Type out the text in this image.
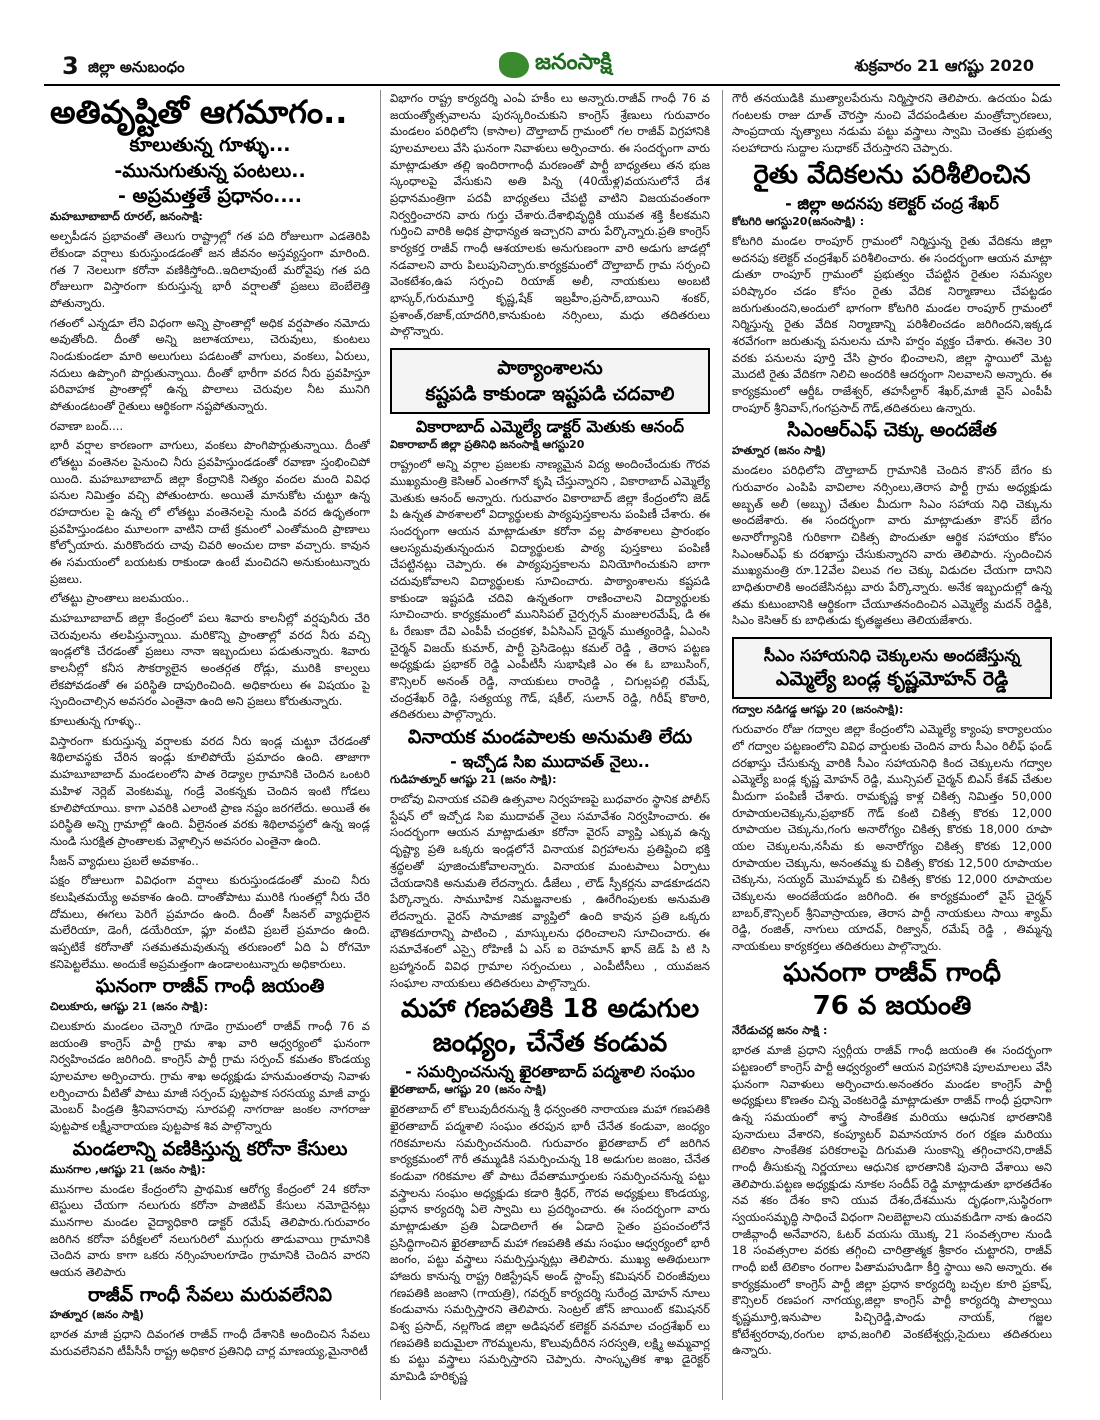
3 జిల్లా అనుబంధం	జనంసాక్షి	శుక్రవారం 21 ఆగష్టు 2020
అతివృష్టితో ఆగమాగం..
కూలుతున్న గూళ్ళు...
-మునుగుతున్న పంటలు..
- అప్రమత్తతే ప్రధానం....
మహబూబాబాద్ రూరల్, జనంసాక్షి:

అల్పపీడన ప్రభావంతో తెలుగు రాష్ట్రాల్లో గత పది రోజులుగా ఎడతెరిపి లేకుండా వర్షాలు కురుస్తుండడంతో జన జీవనం అస్తవ్యస్తంగా మారింది. గత 7 నెలలుగా కరోనా వణికిస్తోంది..ఇదిలావుంటే మరోవైపు గత పది రోజులుగా విస్తారంగా కురుస్తున్న భారీ వర్షాలతో ప్రజలు బెంబేలెత్తి పోతున్నారు.

గతంలో ఎన్నడూ లేని విధంగా అన్ని ప్రాంతాల్లో అధిక వర్షపాతం నమోదు అవుతోంది. దీంతో అన్ని జలాశయాలు, చెరువులు, కుంటలు నిండుకుండలా మారి అలుగులు పడటంతో వాగులు, వంకలు, ఏరులు, నదులు ఉప్పొంగి పొర్లుతున్నాయి. దీంతో భారీగా వరద నీరు ప్రవహిస్తూ పరివాహక ప్రాంతాల్లో ఉన్న పొలాలు చెరువుల నీట మునిగి పోతుండటంతో రైతులు ఆర్థికంగా నష్టపోతున్నారు.

రవాణా బంద్....

భారీ వర్షాల కారణంగా వాగులు, వంకలు పొంగిపొర్లుతున్నాయి. దీంతో లోతట్టు వంతెనల పైనుంచి నీరు ప్రవహిస్తుండడంతో రవాణా స్తంభించిపో యింది. మహబూబాబాద్ జిల్లా కేంద్రానికి నిత్యం వందల మంది వివిధ పనుల నిమిత్తం వచ్చి పోతుంటారు. అయితే మానుకోట చుట్టూ ఉన్న రహదారుల పై ఉన్న లో లోతట్టు వంతెనలపై నుండి వరద ఉధృతంగా ప్రవహిస్తుండటం మూలంగా వాటిని దాటే క్రమంలో ఎంతోమంది ప్రాణాలు కోల్పోయారు. మరికొందరు చావు చివరి అంచుల దాకా వచ్చారు. కావున ఈ సమయంలో బయటకు రాకుండా ఉంటే మంచిదని అనుకుంటున్నారు ప్రజలు.

లోతట్టు ప్రాంతాలు జలమయం..

మహబూబాబాద్ జిల్లా కేంద్రంలో పలు శివారు కాలనీల్లో వర్షపునీరు చేరి చెరువులను తలపిస్తున్నాయి. మరికొన్ని ప్రాంతాల్లో వరద నీరు వచ్చి ఇండ్లలోకి చేరడంతో ప్రజలు నానా ఇబ్బందులు పడుతున్నారు. శివారు కాలనీల్లో కనీస సౌకర్యాలైన అంతర్గత రోడ్లు, మురికి కాల్వలు లేకపోవడంతో ఈ పరిస్థితి దాపురించింది. అధికారులు ఈ విషయం పై స్పందించాల్సిన అవసరం ఎంతైనా ఉంది అని ప్రజలు కోరుతున్నారు.

కూలుతున్న గూళ్ళు..

విస్తారంగా కురుస్తున్న వర్షాలకు వరద నీరు ఇండ్ల చుట్టూ చేరడంతో శిథిలావస్థకు చేరిన ఇండ్లు కూలిపోయే ప్రమాదం ఉంది. తాజాగా మహబూబాబాద్ మండలంలోని పాత రెడ్యాల గ్రామానికి చెందిన ఒంటరి మహిళ నెర్లెబ్ వెంకటమ్మ, గండ్రే వెంకన్నకు చెందిన ఇంటి గోడలు కూలిపోయాయి. కాగా ఎవరికి ఎలాంటి ప్రాణ నష్టం జరగలేదు. అయితే ఈ పరిస్థితి అన్ని గ్రామాల్లో ఉంది. వీలైనంత వరకు శిథిలావస్థలో ఉన్న ఇండ్ల నుండి సురక్షిత ప్రాంతాలకు వెళ్లాల్సిన అవసరం ఎంతైనా ఉంది.

సీజన్ వ్యాధులు ప్రబలే అవకాశం..

పక్షం రోజులుగా వివిధంగా వర్షాలు కురుస్తుండడంతో మంచి నీరు కలుషితమయ్యే అవకాశం ఉంది. దాంతోపాటు మురికి గుంతల్లో నీరు చేరి దోమలు, ఈగలు పెరిగే ప్రమాదం ఉంది. దీంతో సీజనల్ వ్యాధులైన మలేరియా, డెంగీ, డయేరియా, ఫ్లూ వంటివి ప్రబలే ప్రమాదం ఉంది. ఇప్పటికే కరోనాతో సతమతమవుతున్న తరుణంలో ఏది ఏ రోగమో కనిపెట్టలేము. అందుకే అప్రమత్తంగా ఉండాలంటున్నారు అధికారులు.

ఘనంగా రాజీవ్ గాంధీ జయంతి
చిలుకూరు, ఆగష్టు 21 (జనం సాక్షి):

చిలుకూరు మండలం చెన్నారి గూడెం గ్రామంలో రాజీవ్ గాంధీ 76 వ జయంతి కాంగ్రెస్ పార్టీ గ్రామ శాఖ వారి ఆధ్వర్యంలో ఘనంగా నిర్వహించడం జరిగింది. కాంగ్రెస్ పార్టీ గ్రామ సర్పంచ్ కమతం కొండయ్య పూలమాల అర్పించారు. గ్రామ శాఖ అధ్యక్షుడు హనుమంతరావు నివాళు లర్పించారు వీటితో పాటు మాజీ సర్పంచ్ పుట్టపాక సరసయ్య మాజీ వార్డు మెంబర్ పిండ్రతి శ్రీనివాసరావు సూరపల్లి నాగరాజు జంకల నాగరాజు పుట్టపాక లక్ష్మీనారాయణ పుట్టపాక శివ పాల్గొన్నారు

మండలాన్ని వణికిస్తున్న కరోనా కేసులు
మునగాల ,ఆగష్టు 21 (జనం సాక్షి):

మునగాల మండల కేంద్రంలోని ప్రాథమిక ఆరోగ్య కేంద్రంలో 24 కరోనా టెస్టులు చేయగా నలుగురు కరోనా పాజిటివ్ కేసులు నమోదైనట్లు మునగాల మండల వైద్యాధికారి డాక్టర్ రమేష్ తెలిపారు.గురువారం జరిగిన కరోనా పరీక్షలలో నలుగురిలో ముగ్గురు తాడువాయి గ్రామానికి చెందిన వారు కాగా ఒకరు నర్సింహులగూడెం గ్రామానికి చెందిన వారని ఆయన తెలిపారు

రాజీవ్ గాంధీ సేవలు మరువలేనివి
హత్నూర (జనం సాక్షి)

భారత మాజీ ప్రధాని దివంగత రాజీవ్ గాంధీ దేశానికి అందించిన సేవలు మరువలేనివని టీపీసీసీ రాష్ట్ర అధికార ప్రతినిధి చార్ల మాణయ్య,మైనారిటీ

విభాగం రాష్ట్ర కార్యదర్శి ఎంఏ హకీం లు అన్నారు.రాజీవ్ గాంధీ 76 వ జయంత్యోత్సవాలను పురస్కరించుకుని కాంగ్రెస్ శ్రేణులు గురువారం మండలం పరిధిలోని (కాసాల) దౌల్తాబాద్ గ్రామంలో గల రాజీవ్ విగ్రహానికి పూలమాలలు వేసి ఘనంగా నివాళులు అర్పించారు. ఈ సందర్భంగా వారు మాట్లాడుతూ తల్లి ఇందిరాగాంధీ మరణంతో పార్టీ బాధ్యతలు తన భుజ స్కంధాలపై వేసుకుని అతి పిన్న (40యేళ్ల)వయసులోనే దేశ ప్రధానమంత్రిగా పదవీ బాధ్యతలు చేపట్టి వాటిని విజయవంతంగా నిర్వర్తించారని వారు గుర్తు చేశారు.దేశాభివృద్ధికి యువత శక్తి కీలకమని గుర్తించి వారికి అధిక ప్రాధాన్యత ఇచ్చారని వారు పేర్కొన్నారు.ప్రతి కాంగ్రెస్ కార్యకర్త రాజీవ్ గాంధీ ఆశయాలకు అనుగుణంగా వారి అడుగు జాడల్లో నడవాలని వారు పిలుపునిచ్చారు.కార్యక్రమంలో దౌల్తాబాద్ గ్రామ సర్పంచి వెంకటేశం,ఉప సర్పంచి రియాజ్ అలీ, నాయకులు అంబటి భాస్కర్,గురుమూర్తి కృష్ణ,షేక్ ఇబ్రహీం,ప్రసాద్,బాయిని శంకర్, ప్రశాంత్,రజాక్,యాదగిరి,కానుకుంట నర్సింలు, మధు తదితరులు పాల్గొన్నారు.

పాఠ్యాంశాలను
కష్టపడి కాకుండా ఇష్టపడి చదవాలి
వికారాబాద్ ఎమ్మెల్యే డాక్టర్ మెతుకు ఆనంద్
వికారాబాద్ జిల్లా ప్రతినిధి జనంసాక్షి ఆగస్టు20

రాష్ట్రంలో అన్ని వర్గాల ప్రజలకు నాణ్యమైన విద్య అందించేందుకు గౌరవ ముఖ్యమంత్రి కెసిఆర్ ఎంతగానో కృషి చేస్తున్నారని , వికారాబాద్ ఎమ్మెల్యే మెతుకు ఆనంద్ అన్నారు. గురువారం వికారాబాద్ జిల్లా కేంద్రంలోని జెడ్ పి ఉన్నత పాఠశాలలో విద్యార్థులకు పాఠ్యపుస్తకాలను పంపిణీ చేశారు. ఈ సందర్భంగా ఆయన మాట్లాడుతూ కరోనా వల్ల పాఠశాలలు ప్రారంభం ఆలస్యమవుతున్నందున విద్యార్థులకు పాఠ్య పుస్తకాలు పంపిణీ చేపట్టినట్లు చెప్పారు. ఈ పాఠ్యపుస్తకాలను వినియోగించుకుని బాగా చదువుకోవాలని విద్యార్థులకు సూచించారు. పాఠ్యాంశాలను కష్టపడి కాకుండా ఇష్టపడి చదివి ఉన్నతంగా రాణించాలని విద్యార్థులకు సూచించారు. కార్యక్రమంలో మునిసిపల్ చైర్పర్సన్ మంజులరమేష్, డి ఈ ఓ రేణుకా దేవి ఎంపీపీ చంద్రకళ, పిఏసిఎస్ చైర్మన్ ముత్యంరెడ్డి, ఏఎంసి చైర్మన్ విజయ్ కుమార్, పార్టీ ప్రెసిడెంట్లు కమల్ రెడ్డి , తెరాస పట్టణ అధ్యక్షుడు ప్రభాకర్ రెడ్డి ఎంపీటీసీ సుభాషిణి ఎం ఈ ఓ బాబుసింగ్, కౌన్సిలర్ అనంత్ రెడ్డి, నాయకులు రాంరెడ్డి , చిగుల్లపల్లి రమేష్, చంద్రశేఖర్ రెడ్డి, సత్యయ్య గౌడ్, షకీల్, సులాన్ రెడ్డి, గిరీష్ కొఠారి, తదితరులు పాల్గొన్నారు.

వినాయక మండపాలకు అనుమతి లేదు
- ఇచ్చోడ సిఐ ముదావత్ నైలు..
గుడిహత్నూర్ ఆగష్టు 21 (జనం సాక్షి):

రాబోవు వినాయక చవితి ఉత్సవాల నిర్వహణపై బుధవారం స్థానిక పోలీస్ స్టేషన్ లో ఇచ్చోడ సిఐ ముదావత్ నైలు సమావేశం నిర్వహించారు. ఈ సందర్భంగా ఆయన మాట్లాడుతూ కరోనా వైరస్ వ్యాప్తి ఎక్కువ ఉన్న దృష్ట్యా ప్రతి ఒక్కరు ఇండ్లలోనే వినాయక విగ్రహాలను ప్రతిష్టించి భక్తి శ్రద్ధలతో పూజించుకోవాలన్నారు. వినాయక మంటపాలు ఏర్పాటు చేయడానికి అనుమతి లేదన్నారు. డీజేలు , లౌడ్ స్పీకర్లను వాడకూడదని పేర్కొన్నారు. సామూహిక నిమజ్జనాలకు , ఊరేగింపులకు అనుమతి లేదన్నారు. వైరస్ సామాజిక వ్యాప్తిలో ఉంది కావున ప్రతి ఒక్కరు భౌతికదూరాన్ని పాటించి , మాస్కులను ధరించాలని సూచించారు. ఈ సమావేశంలో ఎస్సై రోహిణీ ఏ ఎస్ ఐ రెహమాన్ ఖాన్ జెడ్ పి టి సి బ్రహ్మానంద్ వివిధ గ్రామాల సర్పంచులు , ఎంపీటీసీలు , యువజన సంఘాల నాయకులు తదితరులు పాల్గొన్నారు.

మహా గణపతికి 18 అడుగుల
జంధ్యం, చేనేత కండువ
- సమర్పించనున్న ఖైరతాబాద్ పద్మశాలి సంఘం
ఖైరతాబాద్, ఆగష్టు 20 (జనం సాక్షి)

ఖైరతాబాద్ లో కొలువుదీరనున్న శ్రీ ధన్వంతరి నారాయణ మహా గణపతికి ఖైరతాబాద్ పద్మశాలి సంఘం తరపున భారీ చేనేత కండువా, జంధ్యం గరికమాలను సమర్పించనుంది. గురువారం ఖైరతాబాద్ లో జరిగిన కార్యక్రమంలో గౌరీ తమ్ముడికి సమర్పించున్న 18 అడుగుల జంజం, చేనేత కండువా గరికమాల తో పాటు దేవతామూర్తులకు సమర్పించనున్న పట్టు వస్త్రాలను సంఘం అధ్యక్షుడు కడారి శ్రీధర్, గౌరవ అధ్యక్షులు కొండయ్య, ప్రధాన కార్యదర్శి ఏలె స్వామి లు ప్రదర్శించారు. ఈ సందర్భంగా వారు మాట్లాడుతూ ప్రతి ఏడాదిలాగే ఈ ఏడాది సైతం ప్రపంచంలోనే ప్రసిద్ధిగాంచిన ఖైరతాబాద్ మహా గణపతికి తమ సంఘం ఆధ్వర్యంలో భారీ జంగం, పట్టు వస్త్రాలు సమర్పిస్తున్నట్లు తెలిపారు. ముఖ్య అతిథులుగా హాజరు కానున్న రాష్ట్ర రిజిస్ట్రేషన్ అండ్ స్టాంప్స్ కమిషనర్ చిరంజీవులు గణపతికి జంజాని (గాయత్రి), గవర్నర్ కార్యదర్శి సురేంద్ర మోహన్ నూలు కండువాను సమర్పిస్తారని తెలిపారు. సెంట్రల్ జోన్ జాయింట్ కమిషనర్ విశ్వ ప్రసాద్, నల్లగొండ జిల్లా అడిషనల్ కలెక్టర్ వనమాల చంద్రశేఖర్ లు గణపతికి ఐదుమైలా గౌరమ్మలను, కొలువుదీరిన సరస్వతి, లక్ష్మి అమ్మవార్ల కు పట్టు వస్త్రాలు సమర్పిస్తారని చెప్పారు. సాంస్కృతిక శాఖ డైరెక్టర్ మామిడి హరికృష్ణ

గౌరీ తనయుడికి ముత్యాలపేరును నిర్మిస్తారని తెలిపారు. ఉదయం ఏడు గంటలకు రాజు దూత్ చౌరస్తా నుంచి వేదపండితుల మంత్రోచ్ఛారణలు, సాంప్రదాయ నృత్యాలు నడుమ పట్టు వస్త్రాలు స్వామి చెంతకు ప్రభుత్వ సలహాదారు సుద్దాల సుధాకర్ చేరుస్తారని చెప్పారు.

రైతు వేదికలను పరిశీలించిన
- జిల్లా అదనపు కలెక్టర్ చంద్ర శేఖర్
కోటగిరి ఆగస్టు20(జనంసాక్షి) :

కోటగిరి మండల రాంపూర్ గ్రామంలో నిర్మిస్తున్న రైతు వేదికను జిల్లా అదనపు కలెక్టర్ చంద్రశేఖర్ పరిశీలించారు. ఈ సందర్భంగా ఆయన మాట్లా డుతూ రాంపూర్ గ్రామంలో ప్రభుత్వం చేపట్టిన రైతుల సమస్యల పరిష్కారం చడం కోసం రైతు వేదిక నిర్మాణాలు చేపట్టడం జరుగుతుందని,అందులో భాగంగా కోటగిరి మండల రాంపూర్ గ్రామంలో నిర్మిస్తున్న రైతు వేదిక నిర్మాణాన్ని పరిశీలించడం జరిగిందని,ఇక్కడ శరవేగంగా జరుతున్న పనులను చూసి హర్షం వ్యక్తం చేశారు. ఈనెల 30 వరకు పనులను పూర్తి చేసి ప్రారం భించాలని, జిల్లా స్థాయిలో మెట్ట మొదటి రైతు వేదికగా నిలిచి అందరికి ఆదర్శంగా నిలవాలని అన్నారు. ఈ కార్యక్రమంలో ఆర్డీఓ రాజేశ్వర్, తహసీల్దార్ శేఖర్,మాజీ వైస్ ఎంపీపీ రాంపూర్ శ్రీనివాస్,గంగప్రసాద్ గౌడ్,తదితరులు ఉన్నారు.

సిఎంఆర్ఎఫ్ చెక్కు అందజేత
హత్నూర (జనం సాక్షి)

మండలం పరిధిలోని దౌల్తాబాద్ గ్రామానికి చెందిన కౌసర్ బేగం కు గురువారం ఎంపిపి వావిలాల నర్సింలు,తెరాస పార్టీ గ్రామ అధ్యక్షుడు అబ్బత్ అలీ (అబ్బు) చేతుల మీదుగా సిఎం సహాయ నిధి చెక్కును అందజేశారు. ఈ సందర్భంగా వారు మాట్లాడుతూ కౌసర్ బేగం అనారోగ్యానికి గురికాగా చికిత్స పొందుతూ ఆర్థిక సహాయం కోసం సిఎంఆర్ఎఫ్ కు దరఖాస్తు చేసుకున్నారని వారు తెలిపారు. స్పందించిన ముఖ్యమంత్రి రూ.12వేల విలువ గల చెక్కు విడుదల చేయగా దానిని బాధితురాలికి అందజేసినట్లు వారు పేర్కొన్నారు. అనేక ఇబ్బందుల్లో ఉన్న తమ కుటుంబానికి ఆర్థికంగా చేయూతనందించిన ఎమ్మెల్యే మదన్ రెడ్డికి, సిఎం కెసిఆర్ కు బాధితుడు కృతజ్ఞతలు తెలియజేశారు.

సీఎం సహాయనిధి చెక్కులను అందజేస్తున్న
ఎమ్మెల్యే బండ్ల కృష్ణమోహన్ రెడ్డి
గద్వాల నడిగడ్డ ఆగష్టు 20 (జనంసాక్షి):

గురువారం రోజు గద్వాల జిల్లా కేంద్రంలోని ఎమ్మెల్యే క్యాంపు కార్యాలయం లో గద్వాల పట్టణంలోని వివిధ వార్డులకు చెందిన వారు సీఎం రిలీఫ్ ఫండ్ దరఖాస్తు చేసుకున్న వారికి సీఎం సహాయనిధి కింద చెక్కులను గద్వాల ఎమ్మెల్యే బండ్ల కృష్ణ మోహన్ రెడ్డి, మున్సిపల్ చైర్మన్ బిఎస్ కేశవ్ చేతుల మీదుగా పంపిణీ చేశారు. రామకృష్ణ కాళ్ల చికిత్స నిమిత్తం 50,000 రూపాయలచెక్కును,ప్రభాకర్ గౌడ్ కంటి చికిత్స కొరకు 12,000 రూపాయల చెక్కును,గంగు అనారోగ్యం చికిత్స కొరకు 18,000 రూపా యల చెక్కులను,నసీమ కు అనారోగ్యం చికిత్స కొరకు 12,000 రూపాయల చెక్కును, అనంతమ్మ కు చికిత్స కొరకు 12,500 రూపాయల చెక్కును, సయ్యద్ మొహమ్మద్ కు చికిత్స కొరకు 12,000 రూపాయల చెక్కులను అందజేయడం జరిగింది. ఈ కార్యక్రమంలో వైస్ చైర్మన్ బాబర్,కౌన్సిలర్ శ్రీనివాస్రాయణ, తెరాస పార్టీ నాయకులు సాయి శ్యామ్ రెడ్డి, రంజిత్, నాగులు యాదవ్, రిజ్వాన్, రమేష్ రెడ్డి , తిమ్మన్న నాయకులు కార్యకర్తలు తదితరులు పాల్గొన్నారు.

ఘనంగా రాజీవ్ గాంధీ
76 వ జయంతి
నేరేడుచర్ల జనం సాక్షి :

భారత మాజీ ప్రధాని స్వర్గీయ రాజీవ్ గాంధీ జయంతి ఈ సందర్భంగా పట్టణంలో కాంగ్రెస్ పార్టీ ఆధ్వర్యంలో ఆయన విగ్రహానికి పూలమాలలు వేసి ఘనంగా నివాళులు అర్పించారు.అనంతరం మండల కాంగ్రెస్ పార్టీ అధ్యక్షులు కొణతం చిన్న వెంకటరెడ్డి మాట్లాడుతూ రాజీవ్ గాంధీ ప్రధానిగా ఉన్న సమయంలో శాస్త్ర సాంకేతిక మరియు ఆధునిక భారతానికి పునాదులు వేశారని, కంప్యూటర్ విమానయాన రంగ రక్షణ మరియు టెలికాం సాంకేతిక పరికరాలపై దిగుమతి సుంకాన్ని తగ్గించారని,రాజీవ్ గాంధీ తీసుకున్న నిర్ణయాలు ఆధునిక భారతానికి పునాది వేశాయి అని తెలిపారు.పట్టణ అధ్యక్షుడు నూకల సందీప్ రెడ్డి మాట్లాడుతూ భారతదేశం నవ శకం దేశం కాని యువ దేశం,దేశమును దృఢంగా,సుస్థిరంగా స్వయంసమృద్ధి సాధించే విధంగా నిలబెట్టాలని యువకుడిగా నాకు ఉందని రాజీవ్గాంధీ అనేవారని, ఓటర్ వయసు యొక్క 21 సంవత్సరాల నుండి 18 సంవత్సరాల వరకు తగ్గించి చారిత్రాత్మక శ్రీకారం చుట్టారని, రాజీవ్ గాంధీ ఐటీ టెలికాం రంగాల పితామహుడిగా కీర్తి స్థాయి అని అన్నారు. ఈ కార్యక్రమంలో కాంగ్రెస్ పార్టీ జిల్లా ప్రధాన కార్యదర్శి బచ్చల కూరి ప్రకాష్, కౌన్సిలర్ రణపంగ నాగయ్య,జిల్లా కాంగ్రెస్ పార్టీ కార్యదర్శి పాల్వాయి కృష్ణమూర్తి,ఇనుపాల పిచ్చిరెడ్డి,పాండు నాయక్, గజ్జల కోటేశ్వరరావు,రంగుల భావ,జంగిలి వెంకటేశ్వర్లు,సైదులు తదితరులు ఉన్నారు.
